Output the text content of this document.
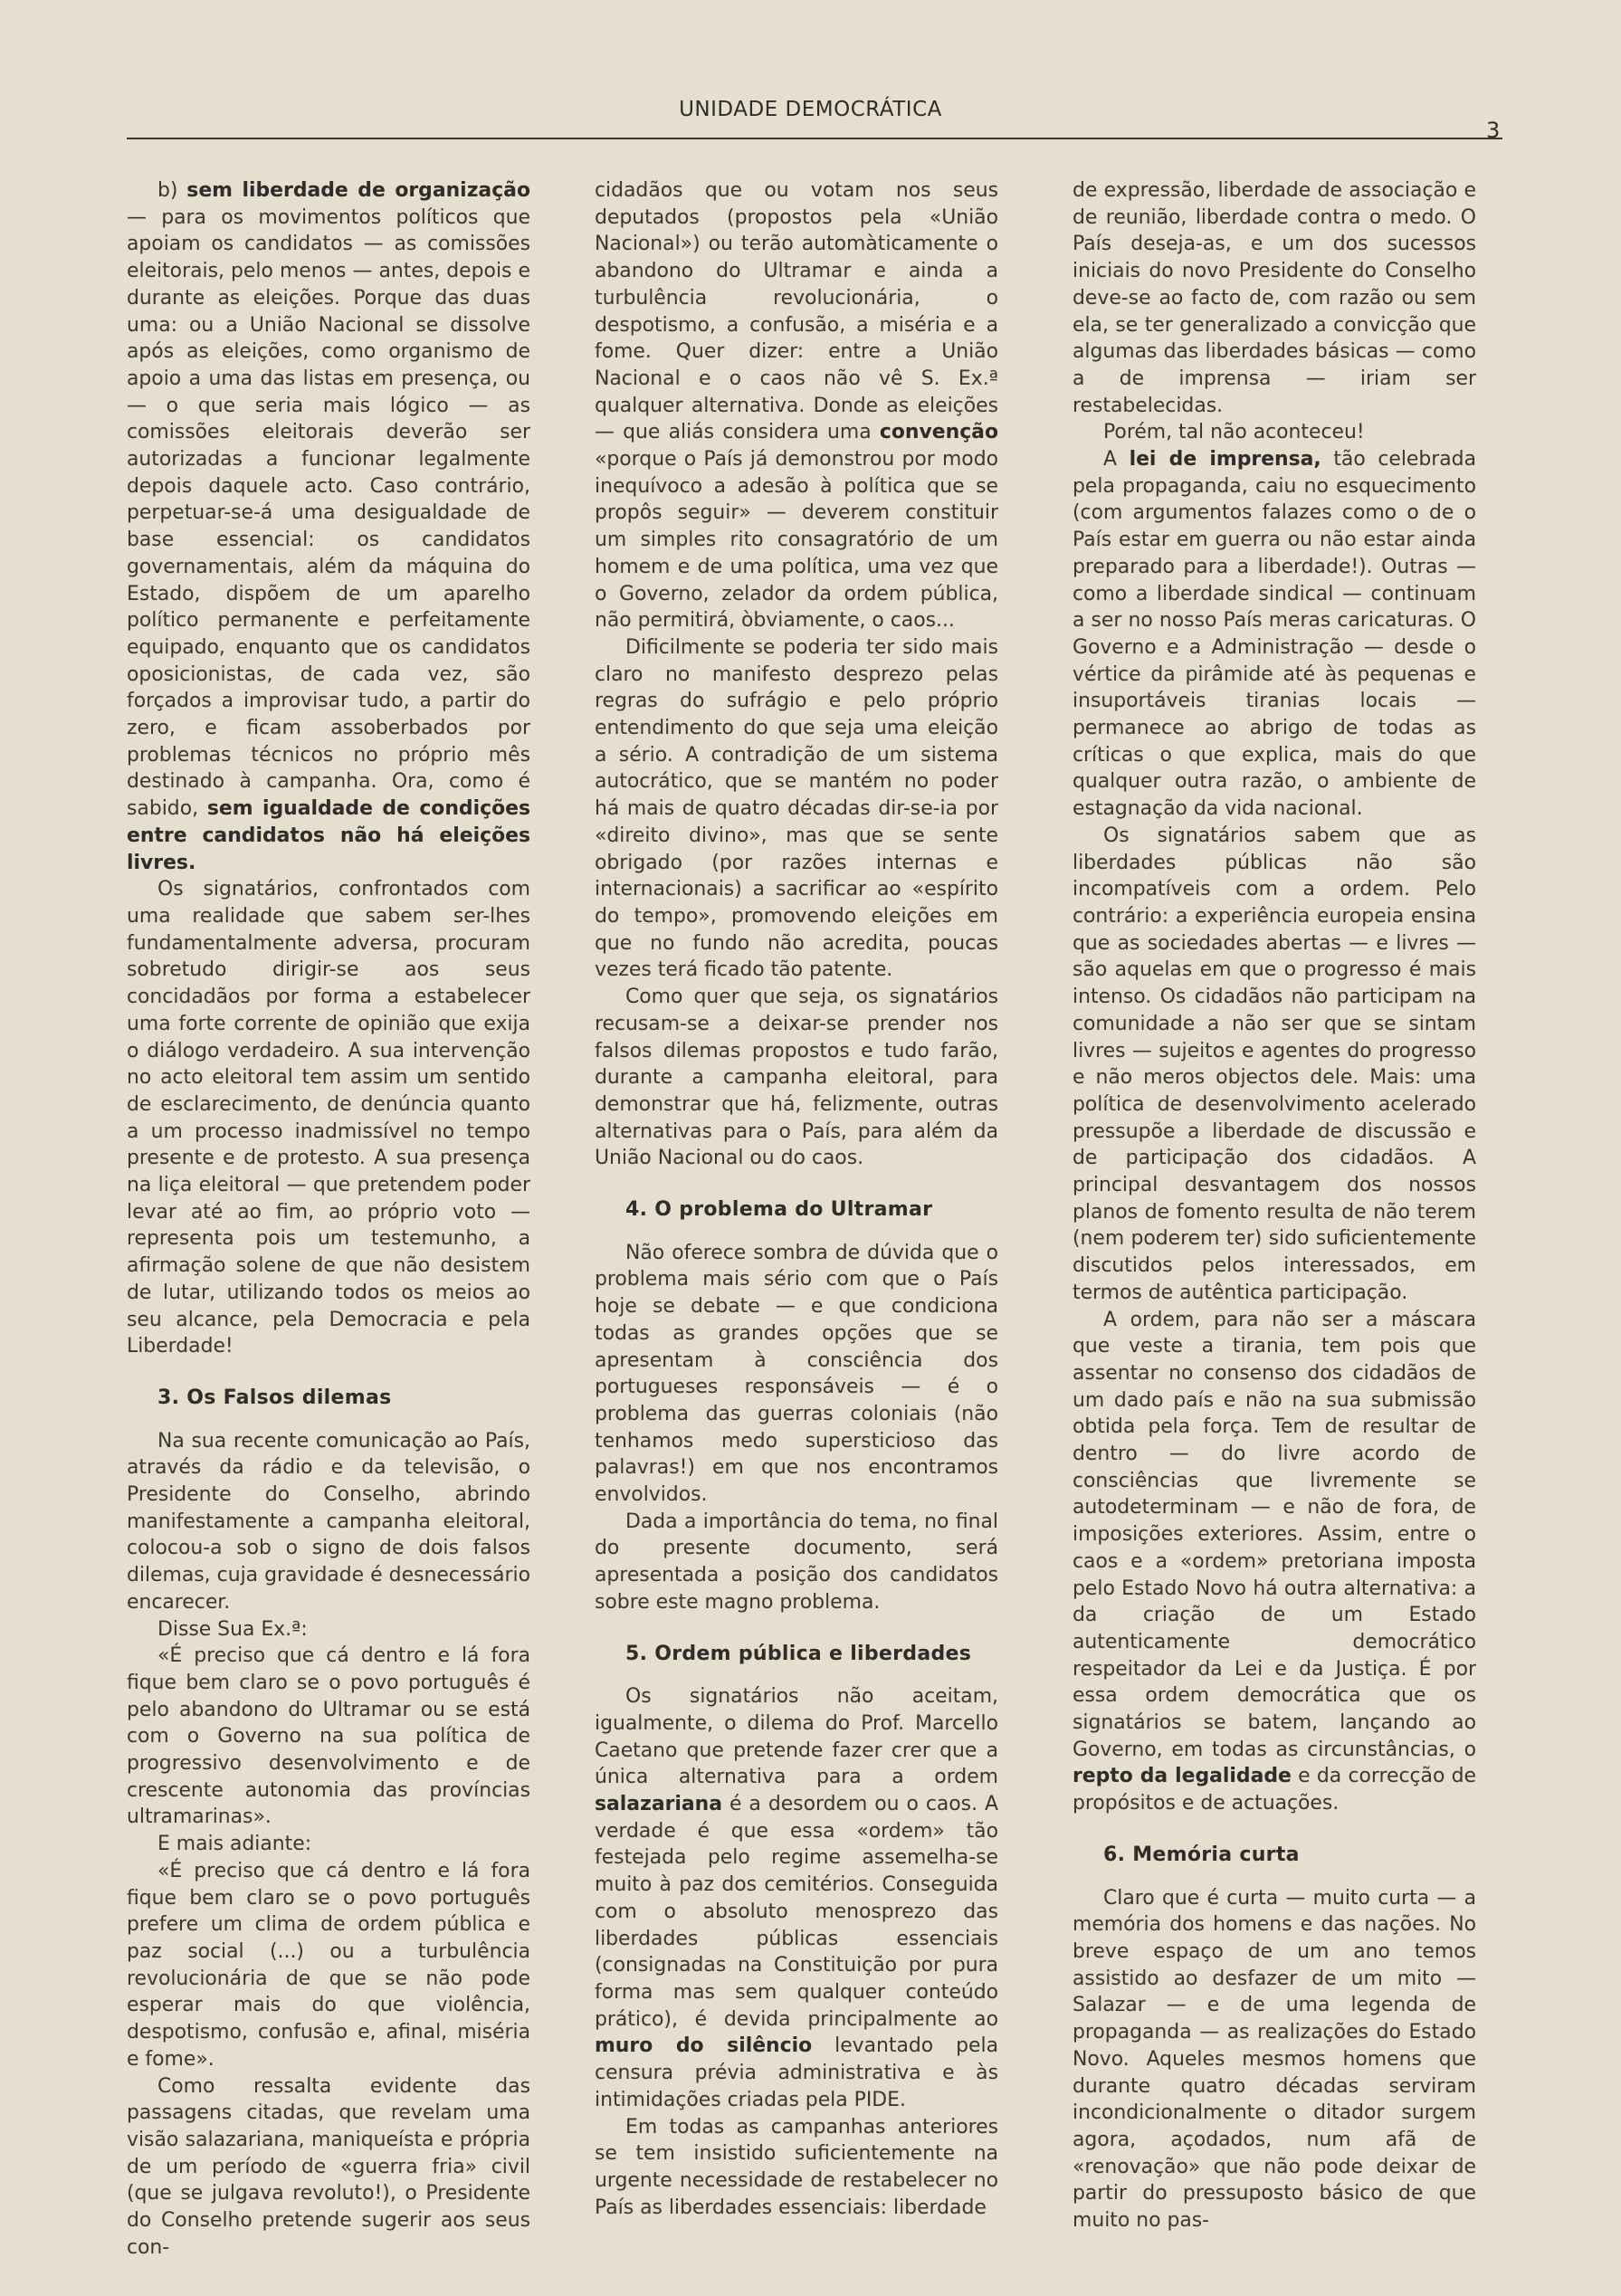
UNIDADE DEMOCRÁTICA
3

b) sem liberdade de organização — para os movimentos políticos que apoiam os candidatos — as comissões eleitorais, pelo menos — antes, depois e durante as eleições. Porque das duas uma: ou a União Nacional se dissolve após as eleições, como organismo de apoio a uma das listas em presença, ou — o que seria mais lógico — as comissões eleitorais deverão ser autorizadas a funcionar legalmente depois daquele acto. Caso contrário, perpetuar-se-á uma desigualdade de base essencial: os candidatos governamentais, além da máquina do Estado, dispõem de um aparelho político permanente e perfeitamente equipado, enquanto que os candidatos oposicionistas, de cada vez, são forçados a improvisar tudo, a partir do zero, e ficam assoberbados por problemas técnicos no próprio mês destinado à campanha. Ora, como é sabido, sem igualdade de condições entre candidatos não há eleições livres.

Os signatários, confrontados com uma realidade que sabem ser-lhes fundamentalmente adversa, procuram sobretudo dirigir-se aos seus concidadãos por forma a estabelecer uma forte corrente de opinião que exija o diálogo verdadeiro. A sua intervenção no acto eleitoral tem assim um sentido de esclarecimento, de denúncia quanto a um processo inadmissível no tempo presente e de protesto. A sua presença na liça eleitoral — que pretendem poder levar até ao fim, ao próprio voto — representa pois um testemunho, a afirmação solene de que não desistem de lutar, utilizando todos os meios ao seu alcance, pela Democracia e pela Liberdade!

3. Os Falsos dilemas

Na sua recente comunicação ao País, através da rádio e da televisão, o Presidente do Conselho, abrindo manifestamente a campanha eleitoral, colocou-a sob o signo de dois falsos dilemas, cuja gravidade é desnecessário encarecer.

Disse Sua Ex.ª:

«É preciso que cá dentro e lá fora fique bem claro se o povo português é pelo abandono do Ultramar ou se está com o Governo na sua política de progressivo desenvolvimento e de crescente autonomia das províncias ultramarinas».

E mais adiante:

«É preciso que cá dentro e lá fora fique bem claro se o povo português prefere um clima de ordem pública e paz social (...) ou a turbulência revolucionária de que se não pode esperar mais do que violência, despotismo, confusão e, afinal, miséria e fome».

Como ressalta evidente das passagens citadas, que revelam uma visão salazariana, maniqueísta e própria de um período de «guerra fria» civil (que se julgava revoluto!), o Presidente do Conselho pretende sugerir aos seus con-

cidadãos que ou votam nos seus deputados (propostos pela «União Nacional») ou terão automàticamente o abandono do Ultramar e ainda a turbulência revolucionária, o despotismo, a confusão, a miséria e a fome. Quer dizer: entre a União Nacional e o caos não vê S. Ex.ª qualquer alternativa. Donde as eleições — que aliás considera uma convenção «porque o País já demonstrou por modo inequívoco a adesão à política que se propôs seguir» — deverem constituir um simples rito consagratório de um homem e de uma política, uma vez que o Governo, zelador da ordem pública, não permitirá, òbviamente, o caos...

Dificilmente se poderia ter sido mais claro no manifesto desprezo pelas regras do sufrágio e pelo próprio entendimento do que seja uma eleição a sério. A contradição de um sistema autocrático, que se mantém no poder há mais de quatro décadas dir-se-ia por «direito divino», mas que se sente obrigado (por razões internas e internacionais) a sacrificar ao «espírito do tempo», promovendo eleições em que no fundo não acredita, poucas vezes terá ficado tão patente.

Como quer que seja, os signatários recusam-se a deixar-se prender nos falsos dilemas propostos e tudo farão, durante a campanha eleitoral, para demonstrar que há, felizmente, outras alternativas para o País, para além da União Nacional ou do caos.

4. O problema do Ultramar

Não oferece sombra de dúvida que o problema mais sério com que o País hoje se debate — e que condiciona todas as grandes opções que se apresentam à consciência dos portugueses responsáveis — é o problema das guerras coloniais (não tenhamos medo supersticioso das palavras!) em que nos encontramos envolvidos.

Dada a importância do tema, no final do presente documento, será apresentada a posição dos candidatos sobre este magno problema.

5. Ordem pública e liberdades

Os signatários não aceitam, igualmente, o dilema do Prof. Marcello Caetano que pretende fazer crer que a única alternativa para a ordem salazariana é a desordem ou o caos. A verdade é que essa «ordem» tão festejada pelo regime assemelha-se muito à paz dos cemitérios. Conseguida com o absoluto menosprezo das liberdades públicas essenciais (consignadas na Constituição por pura forma mas sem qualquer conteúdo prático), é devida principalmente ao muro do silêncio levantado pela censura prévia administrativa e às intimidações criadas pela PIDE.

Em todas as campanhas anteriores se tem insistido suficientemente na urgente necessidade de restabelecer no País as liberdades essenciais: liberdade

de expressão, liberdade de associação e de reunião, liberdade contra o medo. O País deseja-as, e um dos sucessos iniciais do novo Presidente do Conselho deve-se ao facto de, com razão ou sem ela, se ter generalizado a convicção que algumas das liberdades básicas — como a de imprensa — iriam ser restabelecidas.

Porém, tal não aconteceu!

A lei de imprensa, tão celebrada pela propaganda, caiu no esquecimento (com argumentos falazes como o de o País estar em guerra ou não estar ainda preparado para a liberdade!). Outras — como a liberdade sindical — continuam a ser no nosso País meras caricaturas. O Governo e a Administração — desde o vértice da pirâmide até às pequenas e insuportáveis tiranias locais — permanece ao abrigo de todas as críticas o que explica, mais do que qualquer outra razão, o ambiente de estagnação da vida nacional.

Os signatários sabem que as liberdades públicas não são incompatíveis com a ordem. Pelo contrário: a experiência europeia ensina que as sociedades abertas — e livres — são aquelas em que o progresso é mais intenso. Os cidadãos não participam na comunidade a não ser que se sintam livres — sujeitos e agentes do progresso e não meros objectos dele. Mais: uma política de desenvolvimento acelerado pressupõe a liberdade de discussão e de participação dos cidadãos. A principal desvantagem dos nossos planos de fomento resulta de não terem (nem poderem ter) sido suficientemente discutidos pelos interessados, em termos de autêntica participação.

A ordem, para não ser a máscara que veste a tirania, tem pois que assentar no consenso dos cidadãos de um dado país e não na sua submissão obtida pela força. Tem de resultar de dentro — do livre acordo de consciências que livremente se autodeterminam — e não de fora, de imposições exteriores. Assim, entre o caos e a «ordem» pretoriana imposta pelo Estado Novo há outra alternativa: a da criação de um Estado autenticamente democrático respeitador da Lei e da Justiça. É por essa ordem democrática que os signatários se batem, lançando ao Governo, em todas as circunstâncias, o repto da legalidade e da correcção de propósitos e de actuações.

6. Memória curta

Claro que é curta — muito curta — a memória dos homens e das nações. No breve espaço de um ano temos assistido ao desfazer de um mito — Salazar — e de uma legenda de propaganda — as realizações do Estado Novo. Aqueles mesmos homens que durante quatro décadas serviram incondicionalmente o ditador surgem agora, açodados, num afã de «renovação» que não pode deixar de partir do pressuposto básico de que muito no pas-
